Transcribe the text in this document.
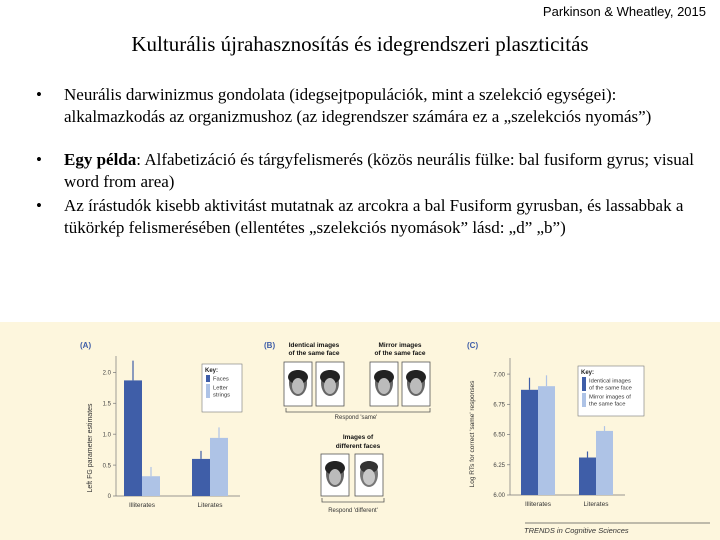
Parkinson & Wheatley, 2015
Kulturális újrahasznosítás és idegrendszeri plaszticitás
• Neurális darwinizmus gondolata (idegsejtpopulációk, mint a szelekció egységei): alkalmazkodás az organizmushoz (az idegrendszer számára ez a „szelekciós nyomás”)
• Egy példa: Alfabetizáció és tárgyfelismerés (közös neurális fülke: bal fusiform gyrus; visual word from area)
• Az írástudók kisebb aktivitást mutatnak az arcokra a bal Fusiform gyrusban, és lassabbak a tükörkép felismerésében (ellentétes „szelekciós nyomások” lásd: „d” „b”)
(A)
Left FG parameter estimates
0
0.5
1.0
1.5
2.0
Illiterates	Literates
Key:
Faces
Letter
strings
(B) Identical images
of the same face
Mirror images
of the same face
Respond 'same'
Images of
different faces
Respond 'different'
(C)
Log RTs for correct 'same' responses
6.00
6.25
6.50
6.75
7.00
Illiterates	Literates
Key:
Identical images
of the same face
Mirror images of
the same face
TRENDS in Cognitive Sciences
